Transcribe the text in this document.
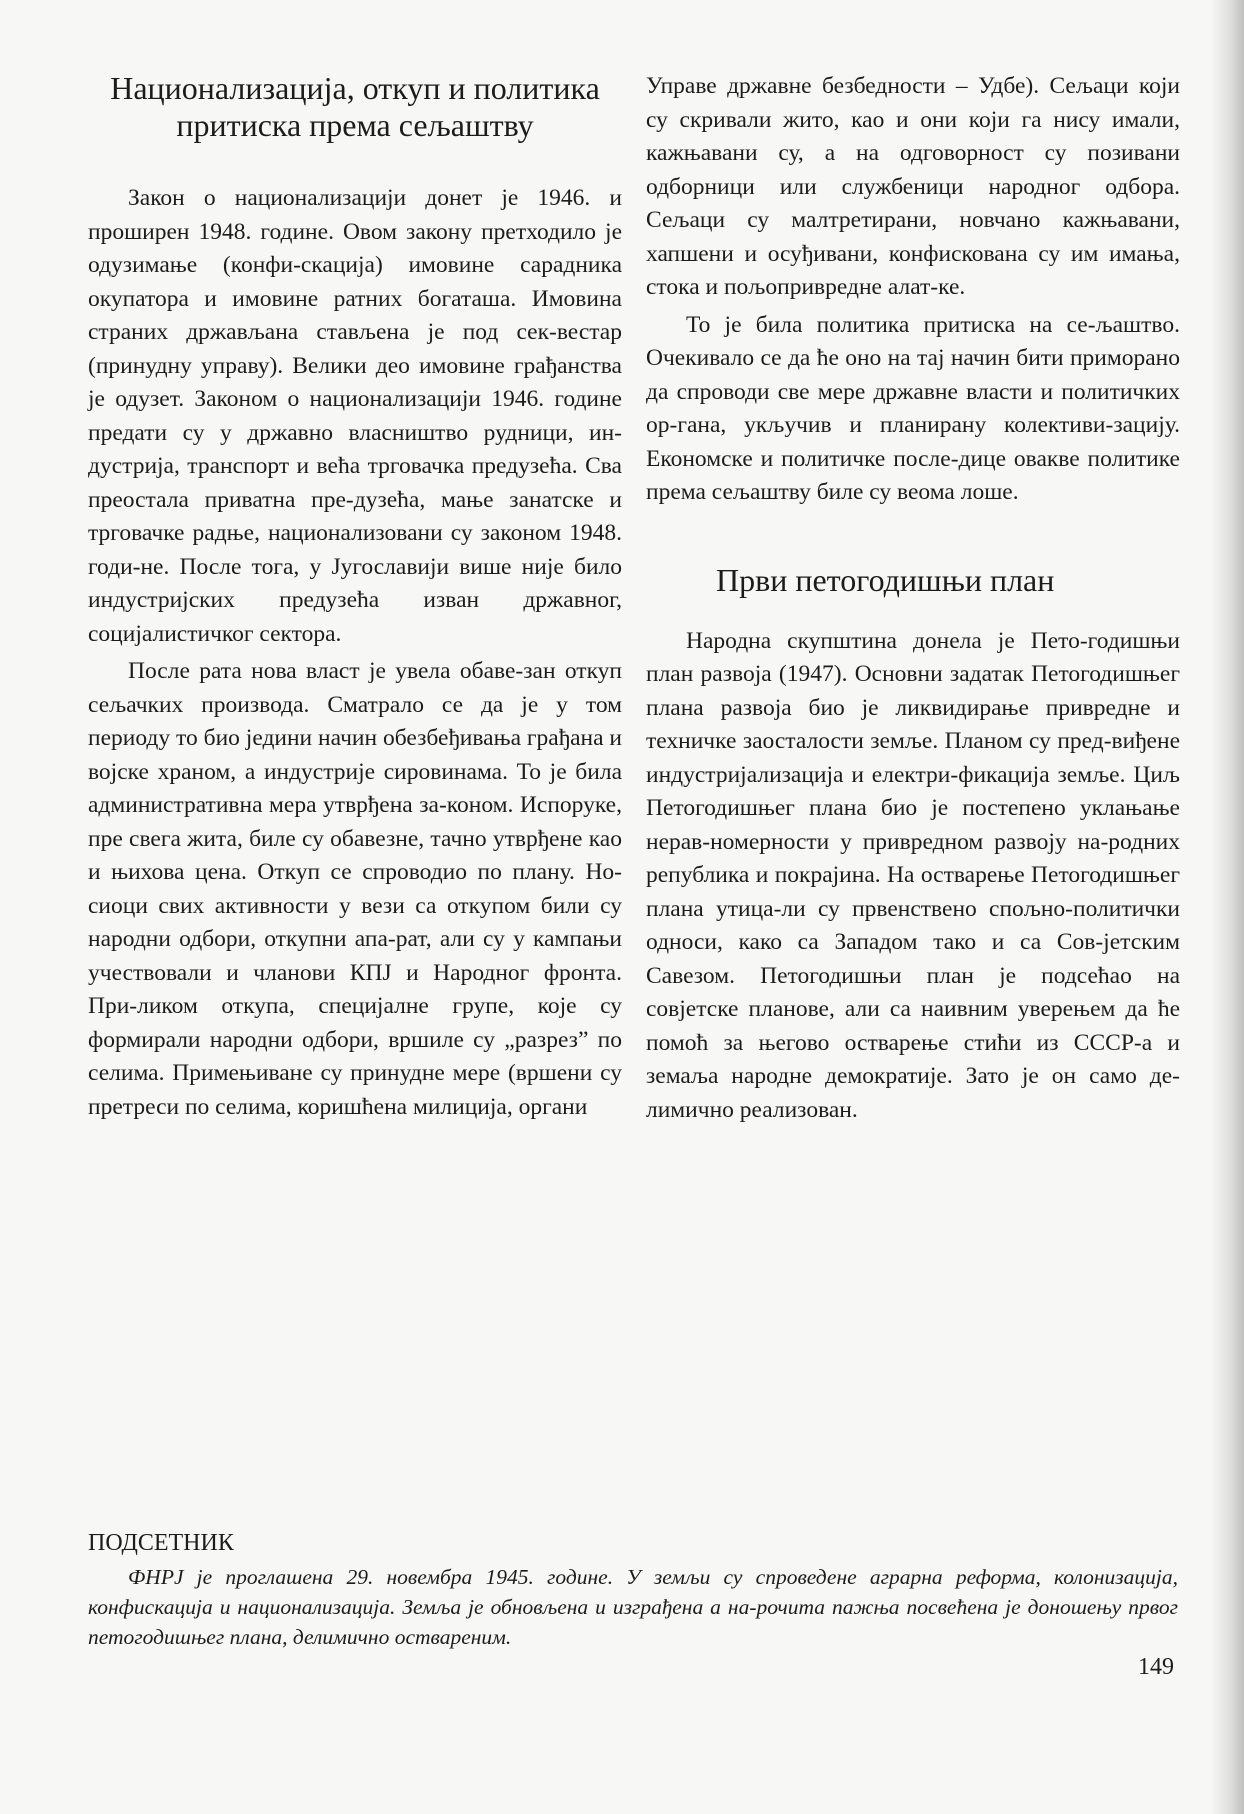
Национализација, откуп и политика притиска према сељаштву

Закон о национализацији донет је 1946. и проширен 1948. године. Овом закону претходило је одузимање (конфи-скација) имовине сарадника окупатора и имовине ратних богаташа. Имовина страних држављана стављена је под сек-вестар (принудну управу). Велики део имовине грађанства је одузет. Законом о национализацији 1946. године предати су у државно власништво рудници, ин-дустрија, транспорт и већа трговачка предузећа. Сва преостала приватна пре-дузећа, мање занатске и трговачке радње, национализовани су законом 1948. годи-не. После тога, у Југославији више није било индустријских предузећа изван државног, социјалистичког сектора.

После рата нова власт је увела обаве-зан откуп сељачких производа. Сматрало се да је у том периоду то био једини начин обезбеђивања грађана и војске храном, а индустрије сировинама. То је била административна мера утврђена за-коном. Испоруке, пре свега жита, биле су обавезне, тачно утврђене као и њихова цена. Откуп се спроводио по плану. Но-сиоци свих активности у вези са откупом били су народни одбори, откупни апа-рат, али су у кампањи учествовали и чланови КПЈ и Народног фронта. При-ликом откупа, специјалне групе, које су формирали народни одбори, вршиле су „разрез” по селима. Примењиване су принудне мере (вршени су претреси по селима, коришћена милиција, органи

Управе државне безбедности – Удбе). Сељаци који су скривали жито, као и они који га нису имали, кажњавани су, а на одговорност су позивани одборници или службеници народног одбора. Сељаци су малтретирани, новчано кажњавани, хапшени и осуђивани, конфискована су им имања, стока и пољопривредне алат-ке.

То је била политика притиска на се-љаштво. Очекивало се да ће оно на тај начин бити приморано да спроводи све мере државне власти и политичких ор-гана, укључив и планирану колективи-зацију. Економске и политичке после-дице овакве политике према сељаштву биле су веома лоше.

Први петогодишњи план

Народна скупштина донела је Пето-годишњи план развоја (1947). Основни задатак Петогодишњег плана развоја био је ликвидирање привредне и техничке заосталости земље. Планом су пред-виђене индустријализација и електри-фикација земље. Циљ Петогодишњег плана био је постепено уклањање нерав-номерности у привредном развоју на-родних република и покрајина. На остварење Петогодишњег плана утица-ли су првенствено спољно-политички односи, како са Западом тако и са Сов-јетским Савезом. Петогодишњи план је подсећао на совјетске планове, али са наивним уверењем да ће помоћ за његово остварење стићи из СССР-а и земаља народне демократије. Зато је он само де-лимично реализован.

ПОДСЕТНИК

ФНРЈ је проглашена 29. новембра 1945. године. У земљи су спроведене аграрна реформа, колонизација, конфискација и национализација. Земља је обновљена и изграђена а на-рочита пажња посвећена је доношењу првог петогодишњег плана, делимично оствареним.

149
